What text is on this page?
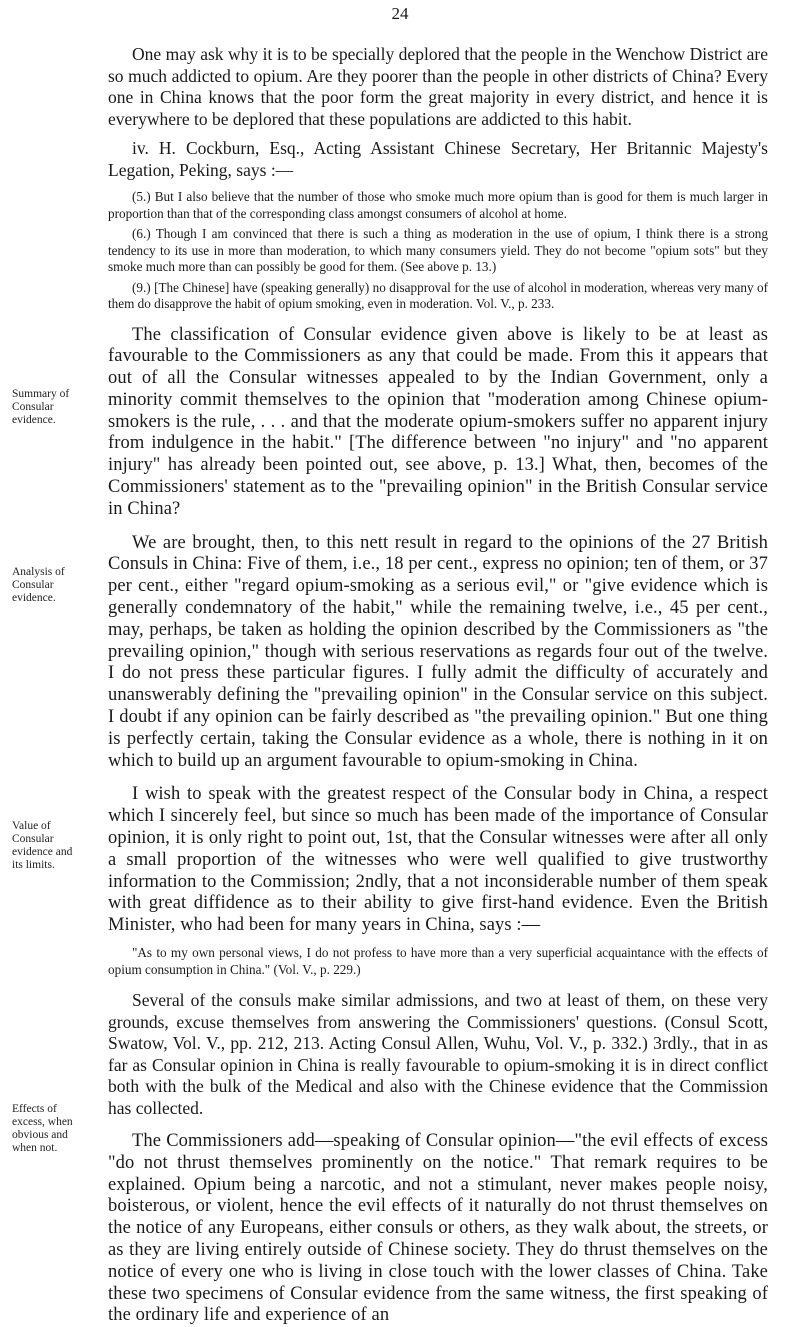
24
Summary of Consular evidence.
Analysis of Consular evidence.
Value of Consular evidence and its limits.
Effects of excess, when obvious and when not.

One may ask why it is to be specially deplored that the people in the Wenchow District are so much addicted to opium. Are they poorer than the people in other districts of China? Every one in China knows that the poor form the great majority in every district, and hence it is everywhere to be deplored that these populations are addicted to this habit.

iv. H. Cockburn, Esq., Acting Assistant Chinese Secretary, Her Britannic Majesty's Legation, Peking, says :—

(5.) But I also believe that the number of those who smoke much more opium than is good for them is much larger in proportion than that of the corresponding class amongst consumers of alcohol at home.

(6.) Though I am convinced that there is such a thing as moderation in the use of opium, I think there is a strong tendency to its use in more than moderation, to which many consumers yield. They do not become "opium sots" but they smoke much more than can possibly be good for them. (See above p. 13.)

(9.) [The Chinese] have (speaking generally) no disapproval for the use of alcohol in moderation, whereas very many of them do disapprove the habit of opium smoking, even in moderation. Vol. V., p. 233.

The classification of Consular evidence given above is likely to be at least as favourable to the Commissioners as any that could be made. From this it appears that out of all the Consular witnesses appealed to by the Indian Government, only a minority commit themselves to the opinion that "moderation among Chinese opium-smokers is the rule, . . . and that the moderate opium-smokers suffer no apparent injury from indulgence in the habit." [The difference between "no injury" and "no apparent injury" has already been pointed out, see above, p. 13.] What, then, becomes of the Commissioners' statement as to the "prevailing opinion" in the British Consular service in China?

We are brought, then, to this nett result in regard to the opinions of the 27 British Consuls in China: Five of them, i.e., 18 per cent., express no opinion; ten of them, or 37 per cent., either "regard opium-smoking as a serious evil," or "give evidence which is generally condemnatory of the habit," while the remaining twelve, i.e., 45 per cent., may, perhaps, be taken as holding the opinion described by the Commissioners as "the prevailing opinion," though with serious reservations as regards four out of the twelve. I do not press these particular figures. I fully admit the difficulty of accurately and unanswerably defining the "prevailing opinion" in the Consular service on this subject. I doubt if any opinion can be fairly described as "the prevailing opinion." But one thing is perfectly certain, taking the Consular evidence as a whole, there is nothing in it on which to build up an argument favourable to opium-smoking in China.

I wish to speak with the greatest respect of the Consular body in China, a respect which I sincerely feel, but since so much has been made of the importance of Consular opinion, it is only right to point out, 1st, that the Consular witnesses were after all only a small proportion of the witnesses who were well qualified to give trustworthy information to the Commission; 2ndly, that a not inconsiderable number of them speak with great diffidence as to their ability to give first-hand evidence. Even the British Minister, who had been for many years in China, says :—

"As to my own personal views, I do not profess to have more than a very superficial acquaintance with the effects of opium consumption in China." (Vol. V., p. 229.)

Several of the consuls make similar admissions, and two at least of them, on these very grounds, excuse themselves from answering the Commissioners' questions. (Consul Scott, Swatow, Vol. V., pp. 212, 213. Acting Consul Allen, Wuhu, Vol. V., p. 332.) 3rdly., that in as far as Consular opinion in China is really favourable to opium-smoking it is in direct conflict both with the bulk of the Medical and also with the Chinese evidence that the Commission has collected.

The Commissioners add—speaking of Consular opinion—"the evil effects of excess "do not thrust themselves prominently on the notice." That remark requires to be explained. Opium being a narcotic, and not a stimulant, never makes people noisy, boisterous, or violent, hence the evil effects of it naturally do not thrust themselves on the notice of any Europeans, either consuls or others, as they walk about, the streets, or as they are living entirely outside of Chinese society. They do thrust themselves on the notice of every one who is living in close touch with the lower classes of China. Take these two specimens of Consular evidence from the same witness, the first speaking of the ordinary life and experience of an
